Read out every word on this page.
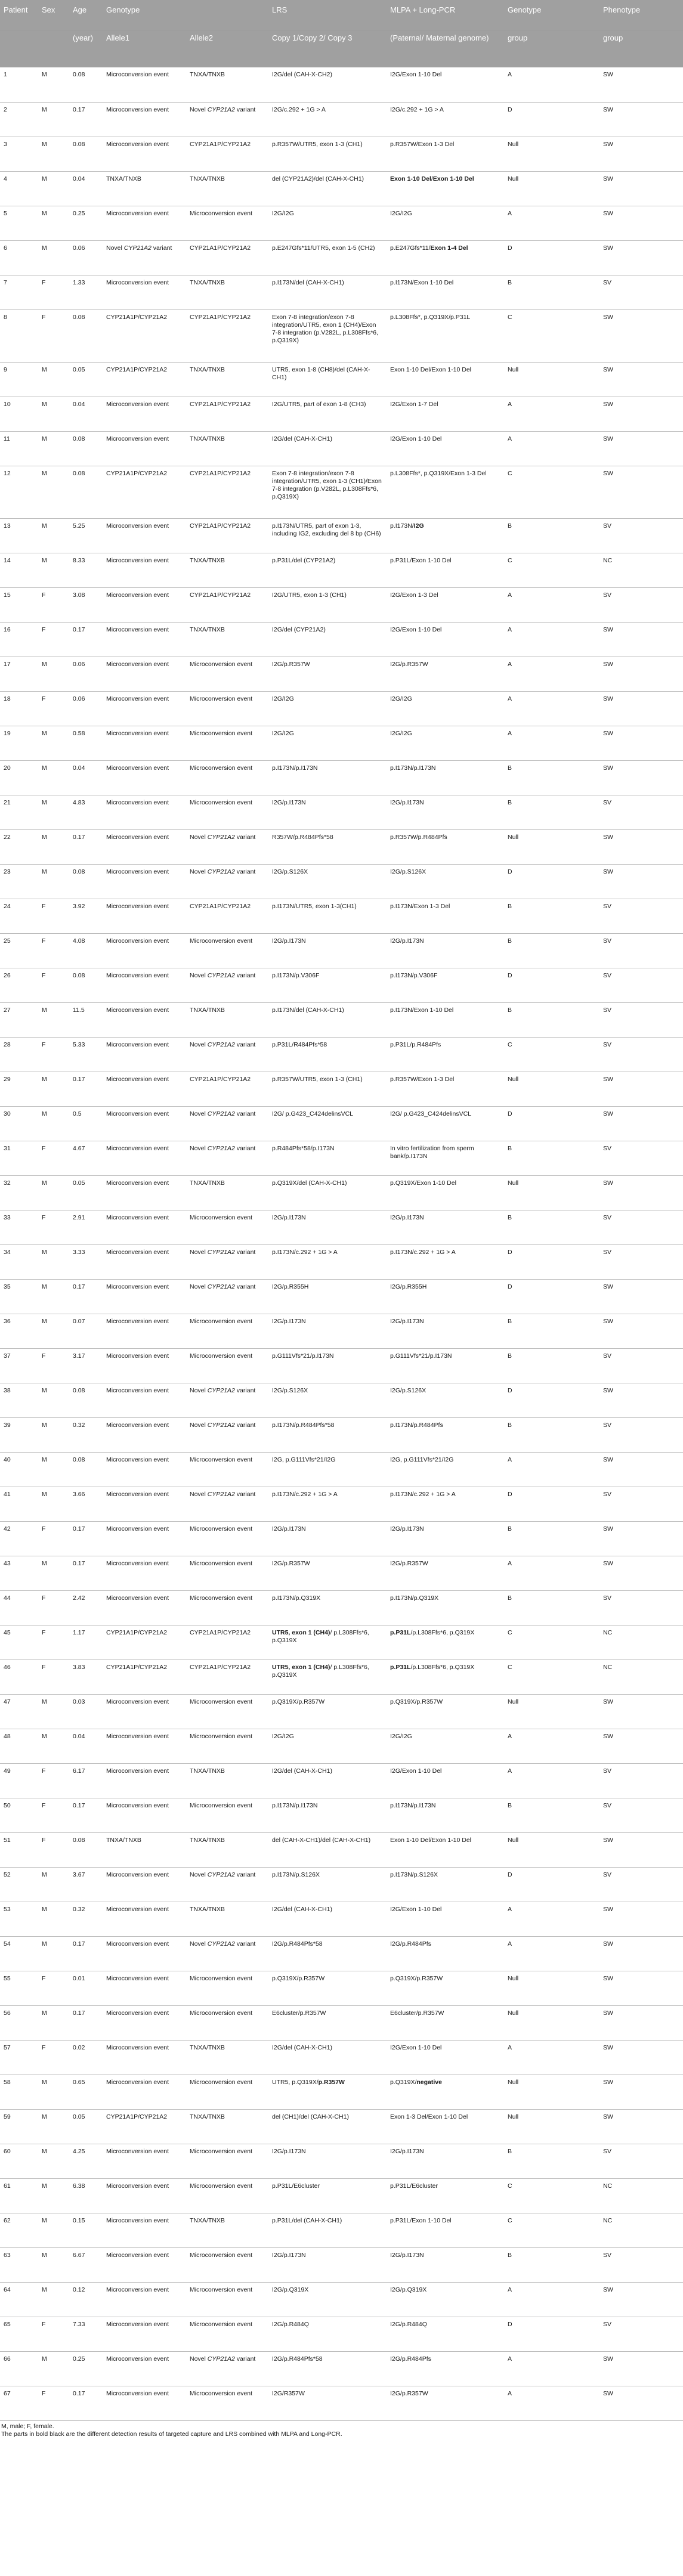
Patient	Sex	Age	Genotype		LRS	MLPA + Long-PCR	Genotype	Phenotype
		(year)	Allele1	Allele2	Copy 1/Copy 2/ Copy 3	(Paternal/ Maternal genome)	group	group
1	M	0.08	Microconversion event	TNXA/TNXB	I2G/del (CAH-X-CH2)	I2G/Exon 1-10 Del	A	SW
2	M	0.17	Microconversion event	Novel CYP21A2 variant	I2G/c.292 + 1G > A	I2G/c.292 + 1G > A	D	SW
3	M	0.08	Microconversion event	CYP21A1P/CYP21A2	p.R357W/UTR5, exon 1-3 (CH1)	p.R357W/Exon 1-3 Del	Null	SW
4	M	0.04	TNXA/TNXB	TNXA/TNXB	del (CYP21A2)/del (CAH-X-CH1)	Exon 1-10 Del/Exon 1-10 Del	Null	SW
5	M	0.25	Microconversion event	Microconversion event	I2G/I2G	I2G/I2G	A	SW
6	M	0.06	Novel CYP21A2 variant	CYP21A1P/CYP21A2	p.E247Gfs*11/UTR5, exon 1-5 (CH2)	p.E247Gfs*11/Exon 1-4 Del	D	SW
7	F	1.33	Microconversion event	TNXA/TNXB	p.I173N/del (CAH-X-CH1)	p.I173N/Exon 1-10 Del	B	SV
8	F	0.08	CYP21A1P/CYP21A2	CYP21A1P/CYP21A2	Exon 7-8 integration/exon 7-8 integration/UTR5, exon 1 (CH4)/Exon 7-8 integration (p.V282L, p.L308Ffs*6, p.Q319X)	p.L308Ffs*, p.Q319X/p.P31L	C	SW
9	M	0.05	CYP21A1P/CYP21A2	TNXA/TNXB	UTR5, exon 1-8 (CH8)/del (CAH-X-CH1)	Exon 1-10 Del/Exon 1-10 Del	Null	SW
10	M	0.04	Microconversion event	CYP21A1P/CYP21A2	I2G/UTR5, part of exon 1-8 (CH3)	I2G/Exon 1-7 Del	A	SW
11	M	0.08	Microconversion event	TNXA/TNXB	I2G/del (CAH-X-CH1)	I2G/Exon 1-10 Del	A	SW
12	M	0.08	CYP21A1P/CYP21A2	CYP21A1P/CYP21A2	Exon 7-8 integration/exon 7-8 integration/UTR5, exon 1-3 (CH1)/Exon 7-8 integration (p.V282L, p.L308Ffs*6, p.Q319X)	p.L308Ffs*, p.Q319X/Exon 1-3 Del	C	SW
13	M	5.25	Microconversion event	CYP21A1P/CYP21A2	p.I173N/UTR5, part of exon 1-3, including IG2, excluding del 8 bp (CH6)	p.I173N/I2G	B	SV
14	M	8.33	Microconversion event	TNXA/TNXB	p.P31L/del (CYP21A2)	p.P31L/Exon 1-10 Del	C	NC
15	F	3.08	Microconversion event	CYP21A1P/CYP21A2	I2G/UTR5, exon 1-3 (CH1)	I2G/Exon 1-3 Del	A	SV
16	F	0.17	Microconversion event	TNXA/TNXB	I2G/del (CYP21A2)	I2G/Exon 1-10 Del	A	SW
17	M	0.06	Microconversion event	Microconversion event	I2G/p.R357W	I2G/p.R357W	A	SW
18	F	0.06	Microconversion event	Microconversion event	I2G/I2G	I2G/I2G	A	SW
19	M	0.58	Microconversion event	Microconversion event	I2G/I2G	I2G/I2G	A	SW
20	M	0.04	Microconversion event	Microconversion event	p.I173N/p.I173N	p.I173N/p.I173N	B	SW
21	M	4.83	Microconversion event	Microconversion event	I2G/p.I173N	I2G/p.I173N	B	SV
22	M	0.17	Microconversion event	Novel CYP21A2 variant	R357W/p.R484Pfs*58	p.R357W/p.R484Pfs	Null	SW
23	M	0.08	Microconversion event	Novel CYP21A2 variant	I2G/p.S126X	I2G/p.S126X	D	SW
24	F	3.92	Microconversion event	CYP21A1P/CYP21A2	p.I173N/UTR5, exon 1-3(CH1)	p.I173N/Exon 1-3 Del	B	SV
25	F	4.08	Microconversion event	Microconversion event	I2G/p.I173N	I2G/p.I173N	B	SV
26	F	0.08	Microconversion event	Novel CYP21A2 variant	p.I173N/p.V306F	p.I173N/p.V306F	D	SV
27	M	11.5	Microconversion event	TNXA/TNXB	p.I173N/del (CAH-X-CH1)	p.I173N/Exon 1-10 Del	B	SV
28	F	5.33	Microconversion event	Novel CYP21A2 variant	p.P31L/R484Pfs*58	p.P31L/p.R484Pfs	C	SV
29	M	0.17	Microconversion event	CYP21A1P/CYP21A2	p.R357W/UTR5, exon 1-3 (CH1)	p.R357W/Exon 1-3 Del	Null	SW
30	M	0.5	Microconversion event	Novel CYP21A2 variant	I2G/ p.G423_C424delinsVCL	I2G/ p.G423_C424delinsVCL	D	SW
31	F	4.67	Microconversion event	Novel CYP21A2 variant	p.R484Pfs*58/p.I173N	In vitro fertilization from sperm bank/p.I173N	B	SV
32	M	0.05	Microconversion event	TNXA/TNXB	p.Q319X/del (CAH-X-CH1)	p.Q319X/Exon 1-10 Del	Null	SW
33	F	2.91	Microconversion event	Microconversion event	I2G/p.I173N	I2G/p.I173N	B	SV
34	M	3.33	Microconversion event	Novel CYP21A2 variant	p.I173N/c.292 + 1G > A	p.I173N/c.292 + 1G > A	D	SV
35	M	0.17	Microconversion event	Novel CYP21A2 variant	I2G/p.R355H	I2G/p.R355H	D	SW
36	M	0.07	Microconversion event	Microconversion event	I2G/p.I173N	I2G/p.I173N	B	SW
37	F	3.17	Microconversion event	Microconversion event	p.G111Vfs*21/p.I173N	p.G111Vfs*21/p.I173N	B	SV
38	M	0.08	Microconversion event	Novel CYP21A2 variant	I2G/p.S126X	I2G/p.S126X	D	SW
39	M	0.32	Microconversion event	Novel CYP21A2 variant	p.I173N/p.R484Pfs*58	p.I173N/p.R484Pfs	B	SV
40	M	0.08	Microconversion event	Microconversion event	I2G, p.G111Vfs*21/I2G	I2G, p.G111Vfs*21/I2G	A	SW
41	M	3.66	Microconversion event	Novel CYP21A2 variant	p.I173N/c.292 + 1G > A	p.I173N/c.292 + 1G > A	D	SV
42	F	0.17	Microconversion event	Microconversion event	I2G/p.I173N	I2G/p.I173N	B	SW
43	M	0.17	Microconversion event	Microconversion event	I2G/p.R357W	I2G/p.R357W	A	SW
44	F	2.42	Microconversion event	Microconversion event	p.I173N/p.Q319X	p.I173N/p.Q319X	B	SV
45	F	1.17	CYP21A1P/CYP21A2	CYP21A1P/CYP21A2	UTR5, exon 1 (CH4)/ p.L308Ffs*6, p.Q319X	p.P31L/p.L308Ffs*6, p.Q319X	C	NC
46	F	3.83	CYP21A1P/CYP21A2	CYP21A1P/CYP21A2	UTR5, exon 1 (CH4)/ p.L308Ffs*6, p.Q319X	p.P31L/p.L308Ffs*6, p.Q319X	C	NC
47	M	0.03	Microconversion event	Microconversion event	p.Q319X/p.R357W	p.Q319X/p.R357W	Null	SW
48	M	0.04	Microconversion event	Microconversion event	I2G/I2G	I2G/I2G	A	SW
49	F	6.17	Microconversion event	TNXA/TNXB	I2G/del (CAH-X-CH1)	I2G/Exon 1-10 Del	A	SV
50	F	0.17	Microconversion event	Microconversion event	p.I173N/p.I173N	p.I173N/p.I173N	B	SV
51	F	0.08	TNXA/TNXB	TNXA/TNXB	del (CAH-X-CH1)/del (CAH-X-CH1)	Exon 1-10 Del/Exon 1-10 Del	Null	SW
52	M	3.67	Microconversion event	Novel CYP21A2 variant	p.I173N/p.S126X	p.I173N/p.S126X	D	SV
53	M	0.32	Microconversion event	TNXA/TNXB	I2G/del (CAH-X-CH1)	I2G/Exon 1-10 Del	A	SW
54	M	0.17	Microconversion event	Novel CYP21A2 variant	I2G/p.R484Pfs*58	I2G/p.R484Pfs	A	SW
55	F	0.01	Microconversion event	Microconversion event	p.Q319X/p.R357W	p.Q319X/p.R357W	Null	SW
56	M	0.17	Microconversion event	Microconversion event	E6cluster/p.R357W	E6cluster/p.R357W	Null	SW
57	F	0.02	Microconversion event	TNXA/TNXB	I2G/del (CAH-X-CH1)	I2G/Exon 1-10 Del	A	SW
58	M	0.65	Microconversion event	Microconversion event	UTR5, p.Q319X/p.R357W	p.Q319X/negative	Null	SW
59	M	0.05	CYP21A1P/CYP21A2	TNXA/TNXB	del (CH1)/del (CAH-X-CH1)	Exon 1-3 Del/Exon 1-10 Del	Null	SW
60	M	4.25	Microconversion event	Microconversion event	I2G/p.I173N	I2G/p.I173N	B	SV
61	M	6.38	Microconversion event	Microconversion event	p.P31L/E6cluster	p.P31L/E6cluster	C	NC
62	M	0.15	Microconversion event	TNXA/TNXB	p.P31L/del (CAH-X-CH1)	p.P31L/Exon 1-10 Del	C	NC
63	M	6.67	Microconversion event	Microconversion event	I2G/p.I173N	I2G/p.I173N	B	SV
64	M	0.12	Microconversion event	Microconversion event	I2G/p.Q319X	I2G/p.Q319X	A	SW
65	F	7.33	Microconversion event	Microconversion event	I2G/p.R484Q	I2G/p.R484Q	D	SV
66	M	0.25	Microconversion event	Novel CYP21A2 variant	I2G/p.R484Pfs*58	I2G/p.R484Pfs	A	SW
67	F	0.17	Microconversion event	Microconversion event	I2G/R357W	I2G/p.R357W	A	SW
M, male; F, female.
The parts in bold black are the different detection results of targeted capture and LRS combined with MLPA and Long-PCR.
